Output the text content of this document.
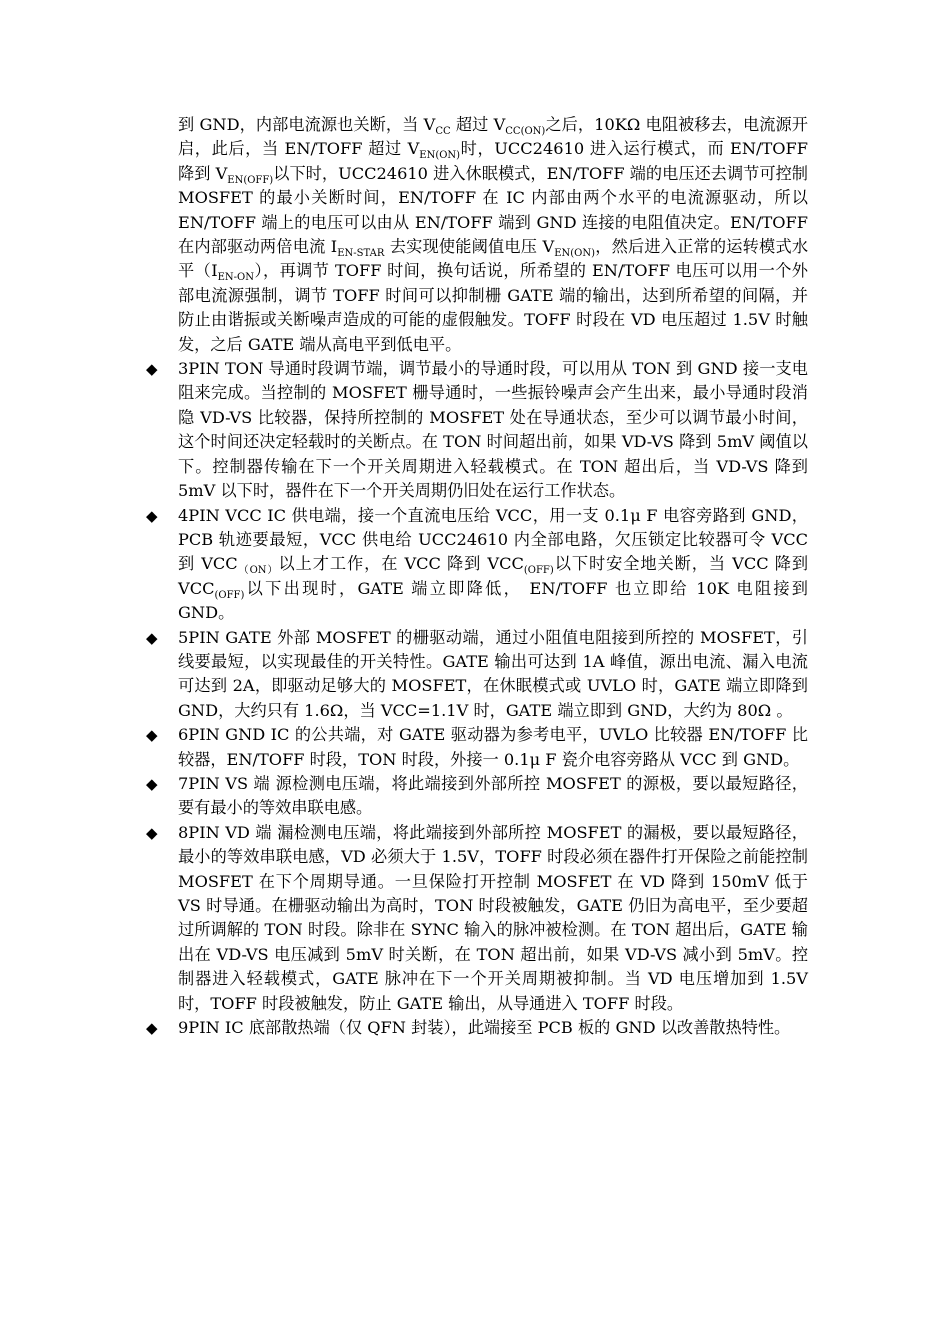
到 GND，内部电流源也关断，当 $V_{CC}$ 超过 $V_{CC(ON)}$之后，10KΩ 电阻被移去，电流源开启，此后，当 EN/TOFF 超过 $V_{EN(ON)}$时，UCC24610 进入运行模式，而 EN/TOFF 降到 $V_{EN(OFF)}$以下时，UCC24610 进入休眠模式，EN/TOFF 端的电压还去调节可控制 MOSFET 的最小关断时间，EN/TOFF 在 IC 内部由两个水平的电流源驱动，所以 EN/TOFF 端上的电压可以由从 EN/TOFF 端到 GND 连接的电阻值决定。EN/TOFF 在内部驱动两倍电流 $I_{EN-STAR}$ 去实现使能阈值电压 $V_{EN(ON)}$，然后进入正常的运转模式水平$(I_{EN-ON})$，再调节 TOFF 时间，换句话说，所希望的 EN/TOFF 电压可以用一个外部电流源强制，调节 TOFF 时间可以抑制栅 GATE 端的输出，达到所希望的间隔，并防止由谐振或关断噪声造成的可能的虚假触发。TOFF 时段在 VD 电压超过 1.5V 时触发，之后 GATE 端从高电平到低电平。

◆ 3PIN TON 导通时段调节端，调节最小的导通时段，可以用从 TON 到 GND 接一支电阻来完成。当控制的 MOSFET 栅导通时，一些振铃噪声会产生出来，最小导通时段消隐 VD-VS 比较器，保持所控制的 MOSFET 处在导通状态，至少可以调节最小时间，这个时间还决定轻载时的关断点。在 TON 时间超出前，如果 VD-VS 降到 5mV 阈值以下。控制器传输在下一个开关周期进入轻载模式。在 TON 超出后，当 VD-VS 降到 5mV 以下时，器件在下一个开关周期仍旧处在运行工作状态。

◆ 4PIN VCC IC 供电端，接一个直流电压给 VCC，用一支 0.1μ F 电容旁路到 GND，PCB 轨迹要最短，VCC 供电给 UCC24610 内全部电路，欠压锁定比较器可令 VCC 到 $VCC_{(ON)}$以上才工作，在 VCC 降到 $VCC_{(OFF)}$以下时安全地关断，当 VCC 降到 $VCC_{(OFF)}$以下出现时，GATE 端立即降低， EN/TOFF 也立即给 10K 电阻接到 GND。

◆ 5PIN GATE 外部 MOSFET 的栅驱动端，通过小阻值电阻接到所控的 MOSFET，引线要最短，以实现最佳的开关特性。GATE 输出可达到 1A 峰值，源出电流、漏入电流可达到 2A，即驱动足够大的 MOSFET，在休眠模式或 UVLO 时，GATE 端立即降到 GND，大约只有 1.6Ω，当 VCC=1.1V 时，GATE 端立即到 GND，大约为 80Ω 。

◆ 6PIN GND IC 的公共端，对 GATE 驱动器为参考电平，UVLO 比较器 EN/TOFF 比较器，EN/TOFF 时段，TON 时段，外接一 0.1μ F 瓷介电容旁路从 VCC 到 GND。

◆ 7PIN VS 端 源检测电压端，将此端接到外部所控 MOSFET 的源极，要以最短路径，要有最小的等效串联电感。

◆ 8PIN VD 端 漏检测电压端，将此端接到外部所控 MOSFET 的漏极，要以最短路径，最小的等效串联电感，VD 必须大于 1.5V，TOFF 时段必须在器件打开保险之前能控制 MOSFET 在下个周期导通。一旦保险打开控制 MOSFET 在 VD 降到 150mV 低于 VS 时导通。在栅驱动输出为高时，TON 时段被触发，GATE 仍旧为高电平，至少要超过所调解的 TON 时段。除非在 SYNC 输入的脉冲被检测。在 TON 超出后，GATE 输出在 VD-VS 电压减到 5mV 时关断，在 TON 超出前，如果 VD-VS 减小到 5mV。控制器进入轻载模式，GATE 脉冲在下一个开关周期被抑制。当 VD 电压增加到 1.5V 时，TOFF 时段被触发，防止 GATE 输出，从导通进入 TOFF 时段。

◆ 9PIN IC 底部散热端（仅 QFN 封装），此端接至 PCB 板的 GND 以改善散热特性。
